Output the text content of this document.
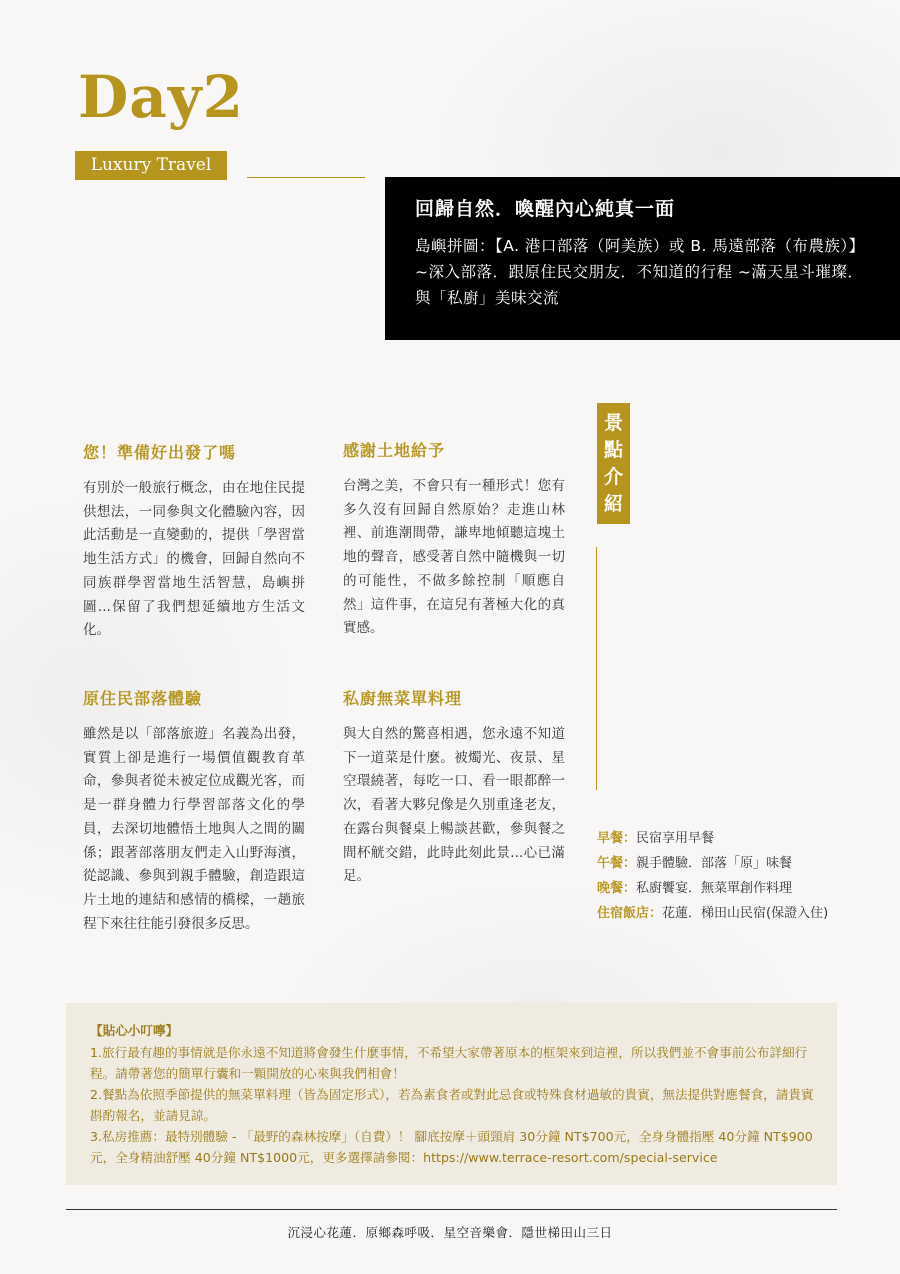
Day2
Luxury Travel
回歸自然．喚醒內心純真一面
島嶼拼圖：【A. 港口部落（阿美族）或 B. 馬遠部落（布農族）】~深入部落．跟原住民交朋友．不知道的行程 ~滿天星斗璀璨．與「私廚」美味交流
景
點
介
紹
您！準備好出發了嗎

有別於一般旅行概念，由在地住民提供想法，一同參與文化體驗內容，因此活動是一直變動的，提供「學習當地生活方式」的機會，回歸自然向不同族群學習當地生活智慧，島嶼拼圖...保留了我們想延續地方生活文化。

感謝土地給予

台灣之美，不會只有一種形式！您有多久沒有回歸自然原始？走進山林裡、前進潮間帶，謙卑地傾聽這塊土地的聲音，感受著自然中隨機與一切的可能性，不做多餘控制「順應自然」這件事，在這兒有著極大化的真實感。

原住民部落體驗

雖然是以「部落旅遊」名義為出發，實質上卻是進行一場價值觀教育革命，參與者從未被定位成觀光客，而是一群身體力行學習部落文化的學員，去深切地體悟土地與人之間的關係；跟著部落朋友們走入山野海濱，從認識、參與到親手體驗，創造跟這片土地的連結和感情的橋樑，一趟旅程下來往往能引發很多反思。

私廚無菜單料理

與大自然的驚喜相遇，您永遠不知道下一道菜是什麼。被燭光、夜景、星空環繞著，每吃一口、看一眼都醉一次，看著大夥兒像是久別重逢老友，在露台與餐桌上暢談甚歡，參與餐之間杯觥交錯，此時此刻此景...心已滿足。

早餐：民宿享用早餐
午餐：親手體驗．部落「原」味餐
晚餐：私廚饗宴．無菜單創作料理
住宿飯店：花蓮．梯田山民宿(保證入住)
【貼心小叮嚀】
1.旅行最有趣的事情就是你永遠不知道將會發生什麼事情，不希望大家帶著原本的框架來到這裡，所以我們並不會事前公布詳細行程。請帶著您的簡單行囊和一顆開放的心來與我們相會！
2.餐點為依照季節提供的無菜單料理（皆為固定形式），若為素食者或對此忌食或特殊食材過敏的貴賓，無法提供對應餐食，請貴賓斟酌報名，並請見諒。
3.私房推薦：最特別體驗 - 「最野的森林按摩」（自費）！ 腳底按摩＋頭頸肩 30分鐘 NT$700元，全身身體指壓 40分鐘 NT$900元，全身精油舒壓 40分鐘 NT$1000元，更多選擇請參閱：https://www.terrace-resort.com/special-service
沉浸心花蓮．原鄉森呼吸．星空音樂會．隱世梯田山三日
